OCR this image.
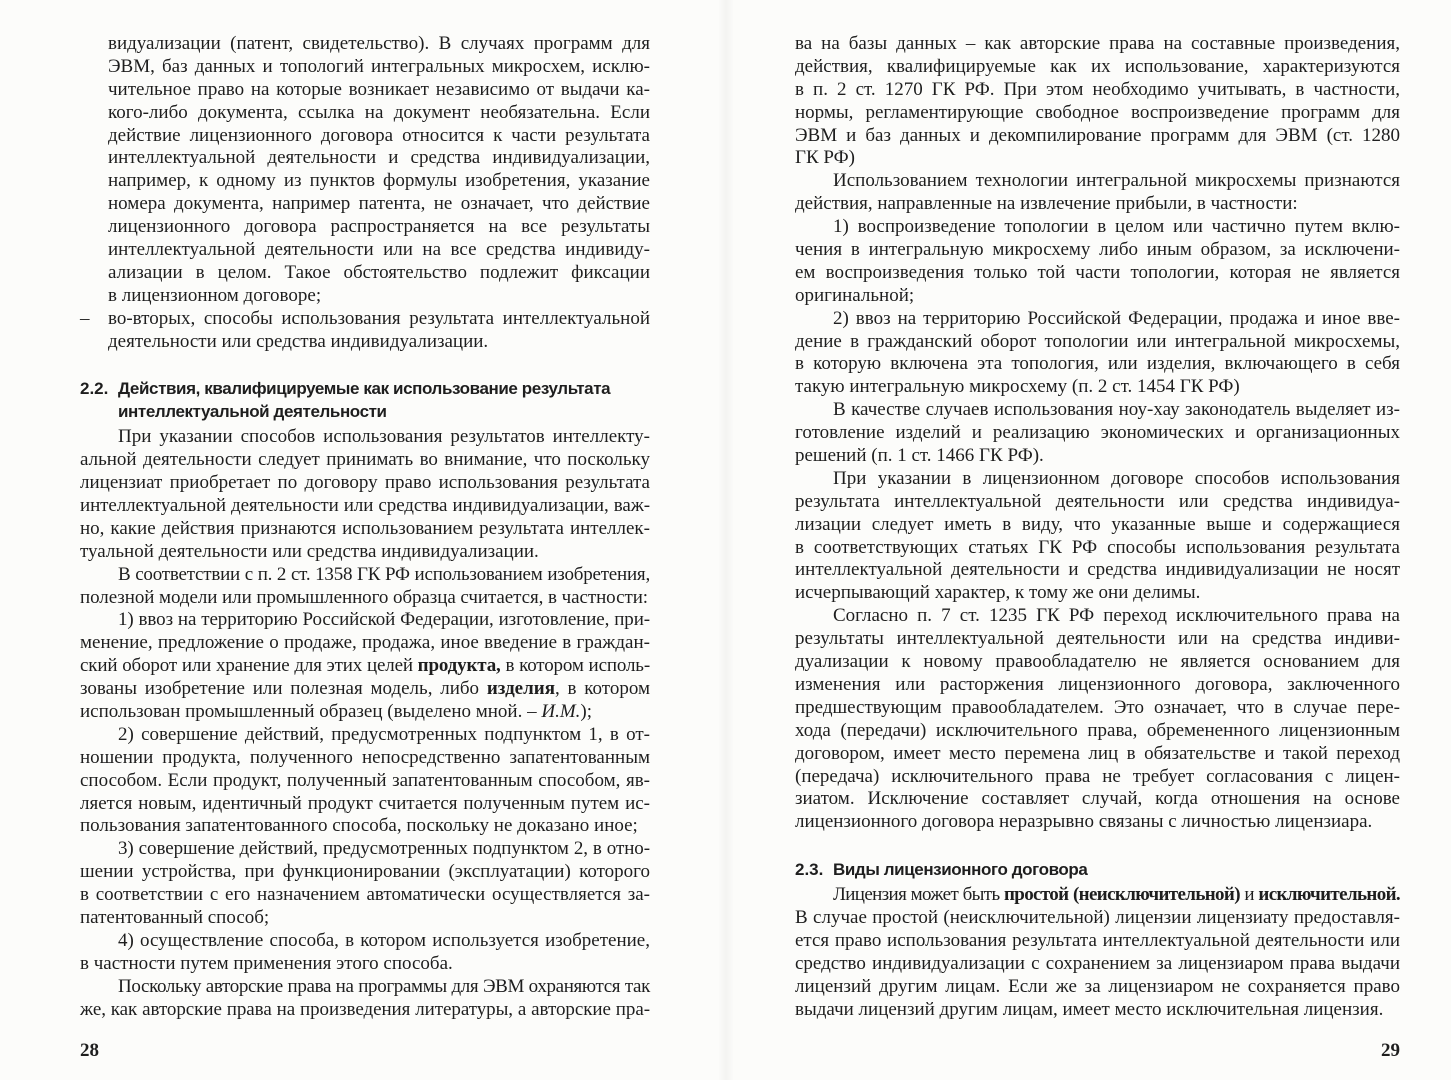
видуализации (патент, свидетельство). В случаях программ для
ЭВМ, баз данных и топологий интегральных микросхем, исклю-
чительное право на которые возникает независимо от выдачи ка-
кого-либо документа, ссылка на документ необязательна. Если
действие лицензионного договора относится к части результата
интеллектуальной деятельности и средства индивидуализации,
например, к одному из пунктов формулы изобретения, указание
номера документа, например патента, не означает, что действие
лицензионного договора распространяется на все результаты
интеллектуальной деятельности или на все средства индивиду-
ализации в целом. Такое обстоятельство подлежит фиксации
в лицензионном договоре;
– во-вторых, способы использования результата интеллектуальной
деятельности или средства индивидуализации.
2.2. Действия, квалифицируемые как использование результата
интеллектуальной деятельности
При указании способов использования результатов интеллекту-
альной деятельности следует принимать во внимание, что поскольку
лицензиат приобретает по договору право использования результата
интеллектуальной деятельности или средства индивидуализации, важ-
но, какие действия признаются использованием результата интеллек-
туальной деятельности или средства индивидуализации.
В соответствии с п. 2 ст. 1358 ГК РФ использованием изобретения,
полезной модели или промышленного образца считается, в частности:
1) ввоз на территорию Российской Федерации, изготовление, при-
менение, предложение о продаже, продажа, иное введение в граждан-
ский оборот или хранение для этих целей продукта, в котором исполь-
зованы изобретение или полезная модель, либо изделия, в котором
использован промышленный образец (выделено мной. – И.М.);
2) совершение действий, предусмотренных подпунктом 1, в от-
ношении продукта, полученного непосредственно запатентованным
способом. Если продукт, полученный запатентованным способом, яв-
ляется новым, идентичный продукт считается полученным путем ис-
пользования запатентованного способа, поскольку не доказано иное;
3) совершение действий, предусмотренных подпунктом 2, в отно-
шении устройства, при функционировании (эксплуатации) которого
в соответствии с его назначением автоматически осуществляется за-
патентованный способ;
4) осуществление способа, в котором используется изобретение,
в частности путем применения этого способа.
Поскольку авторские права на программы для ЭВМ охраняются так
же, как авторские права на произведения литературы, а авторские пра-
ва на базы данных – как авторские права на составные произведения,
действия, квалифицируемые как их использование, характеризуются
в п. 2 ст. 1270 ГК РФ. При этом необходимо учитывать, в частности,
нормы, регламентирующие свободное воспроизведение программ для
ЭВМ и баз данных и декомпилирование программ для ЭВМ (ст. 1280
ГК РФ)
Использованием технологии интегральной микросхемы признаются
действия, направленные на извлечение прибыли, в частности:
1) воспроизведение топологии в целом или частично путем вклю-
чения в интегральную микросхему либо иным образом, за исключени-
ем воспроизведения только той части топологии, которая не является
оригинальной;
2) ввоз на территорию Российской Федерации, продажа и иное вве-
дение в гражданский оборот топологии или интегральной микросхемы,
в которую включена эта топология, или изделия, включающего в себя
такую интегральную микросхему (п. 2 ст. 1454 ГК РФ)
В качестве случаев использования ноу-хау законодатель выделяет из-
готовление изделий и реализацию экономических и организационных
решений (п. 1 ст. 1466 ГК РФ).
При указании в лицензионном договоре способов использования
результата интеллектуальной деятельности или средства индивидуа-
лизации следует иметь в виду, что указанные выше и содержащиеся
в соответствующих статьях ГК РФ способы использования результата
интеллектуальной деятельности и средства индивидуализации не носят
исчерпывающий характер, к тому же они делимы.
Согласно п. 7 ст. 1235 ГК РФ переход исключительного права на
результаты интеллектуальной деятельности или на средства индиви-
дуализации к новому правообладателю не является основанием для
изменения или расторжения лицензионного договора, заключенного
предшествующим правообладателем. Это означает, что в случае пере-
хода (передачи) исключительного права, обремененного лицензионным
договором, имеет место перемена лиц в обязательстве и такой переход
(передача) исключительного права не требует согласования с лицен-
зиатом. Исключение составляет случай, когда отношения на основе
лицензионного договора неразрывно связаны с личностью лицензиара.
2.3. Виды лицензионного договора
Лицензия может быть простой (неисключительной) и исключительной.
В случае простой (неисключительной) лицензии лицензиату предоставля-
ется право использования результата интеллектуальной деятельности или
средство индивидуализации с сохранением за лицензиаром права выдачи
лицензий другим лицам. Если же за лицензиаром не сохраняется право
выдачи лицензий другим лицам, имеет место исключительная лицензия.
28	29
